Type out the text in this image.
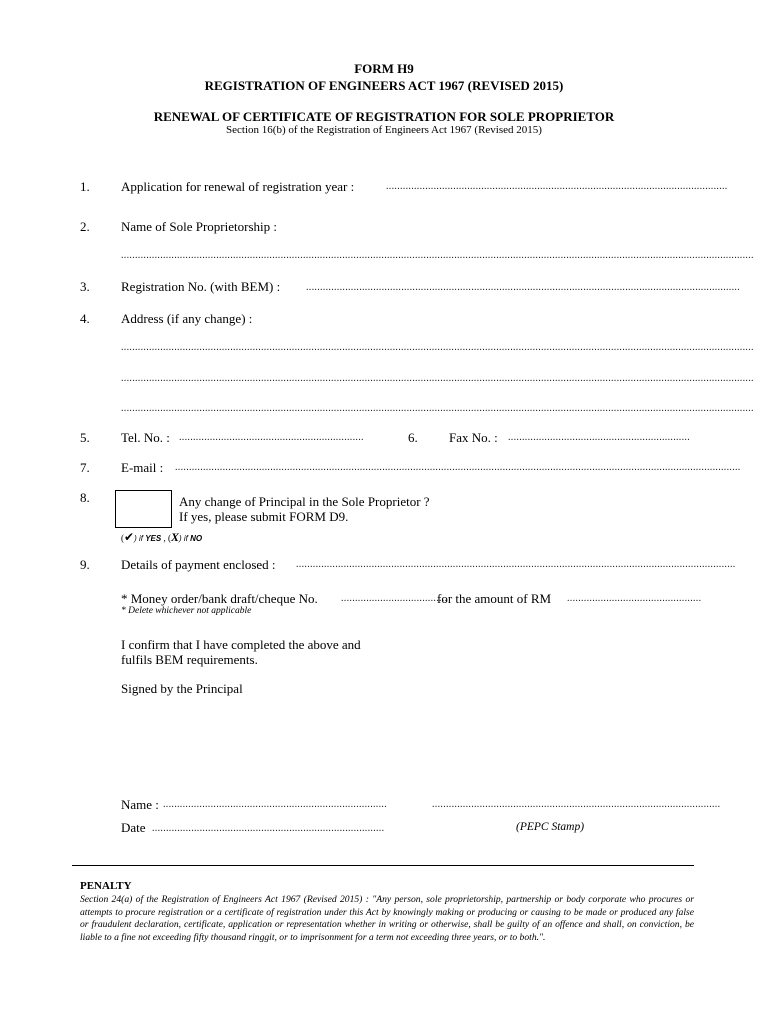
FORM H9
REGISTRATION OF ENGINEERS ACT 1967 (REVISED 2015)
RENEWAL OF CERTIFICATE OF REGISTRATION FOR SOLE PROPRIETOR
Section 16(b) of the Registration of Engineers Act 1967 (Revised 2015)
1. Application for renewal of registration year :	..........................................................................................................................
2. Name of Sole Proprietorship :
..................................................................................................................................................................................................................................
3. Registration No. (with BEM) :	...........................................................................................................................................................
4. Address (if any change) :
..................................................................................................................................................................................................................................
..................................................................................................................................................................................................................................
..................................................................................................................................................................................................................................
5. Tel. No. : ..................................................................	6. Fax No. : .................................................................
7. E-mail : ..........................................................................................................................................................................................................
8.	Any change of Principal in the Sole Proprietor ?
If yes, please submit FORM D9.
(✔) if YES , (X) if NO
9. Details of payment enclosed : .............................................................................................................................................................
* Money order/bank draft/cheque No. ......................................
for the amount of RM ................................................
* Delete whichever not applicable
I confirm that I have completed the above and
fulfils BEM requirements.
Signed by the Principal
Name : ................................................................................	.......................................................................................................
Date ...................................................................................	(PEPC Stamp)
PENALTY
Section 24(a) of the Registration of Engineers Act 1967 (Revised 2015) : "Any person, sole proprietorship, partnership or body corporate who procures or attempts to procure registration or a certificate of registration under this Act by knowingly making or producing or causing to be made or produced any false or fraudulent declaration, certificate, application or representation whether in writing or otherwise, shall be guilty of an offence and shall, on conviction, be liable to a fine not exceeding fifty thousand ringgit, or to imprisonment for a term not exceeding three years, or to both.".
